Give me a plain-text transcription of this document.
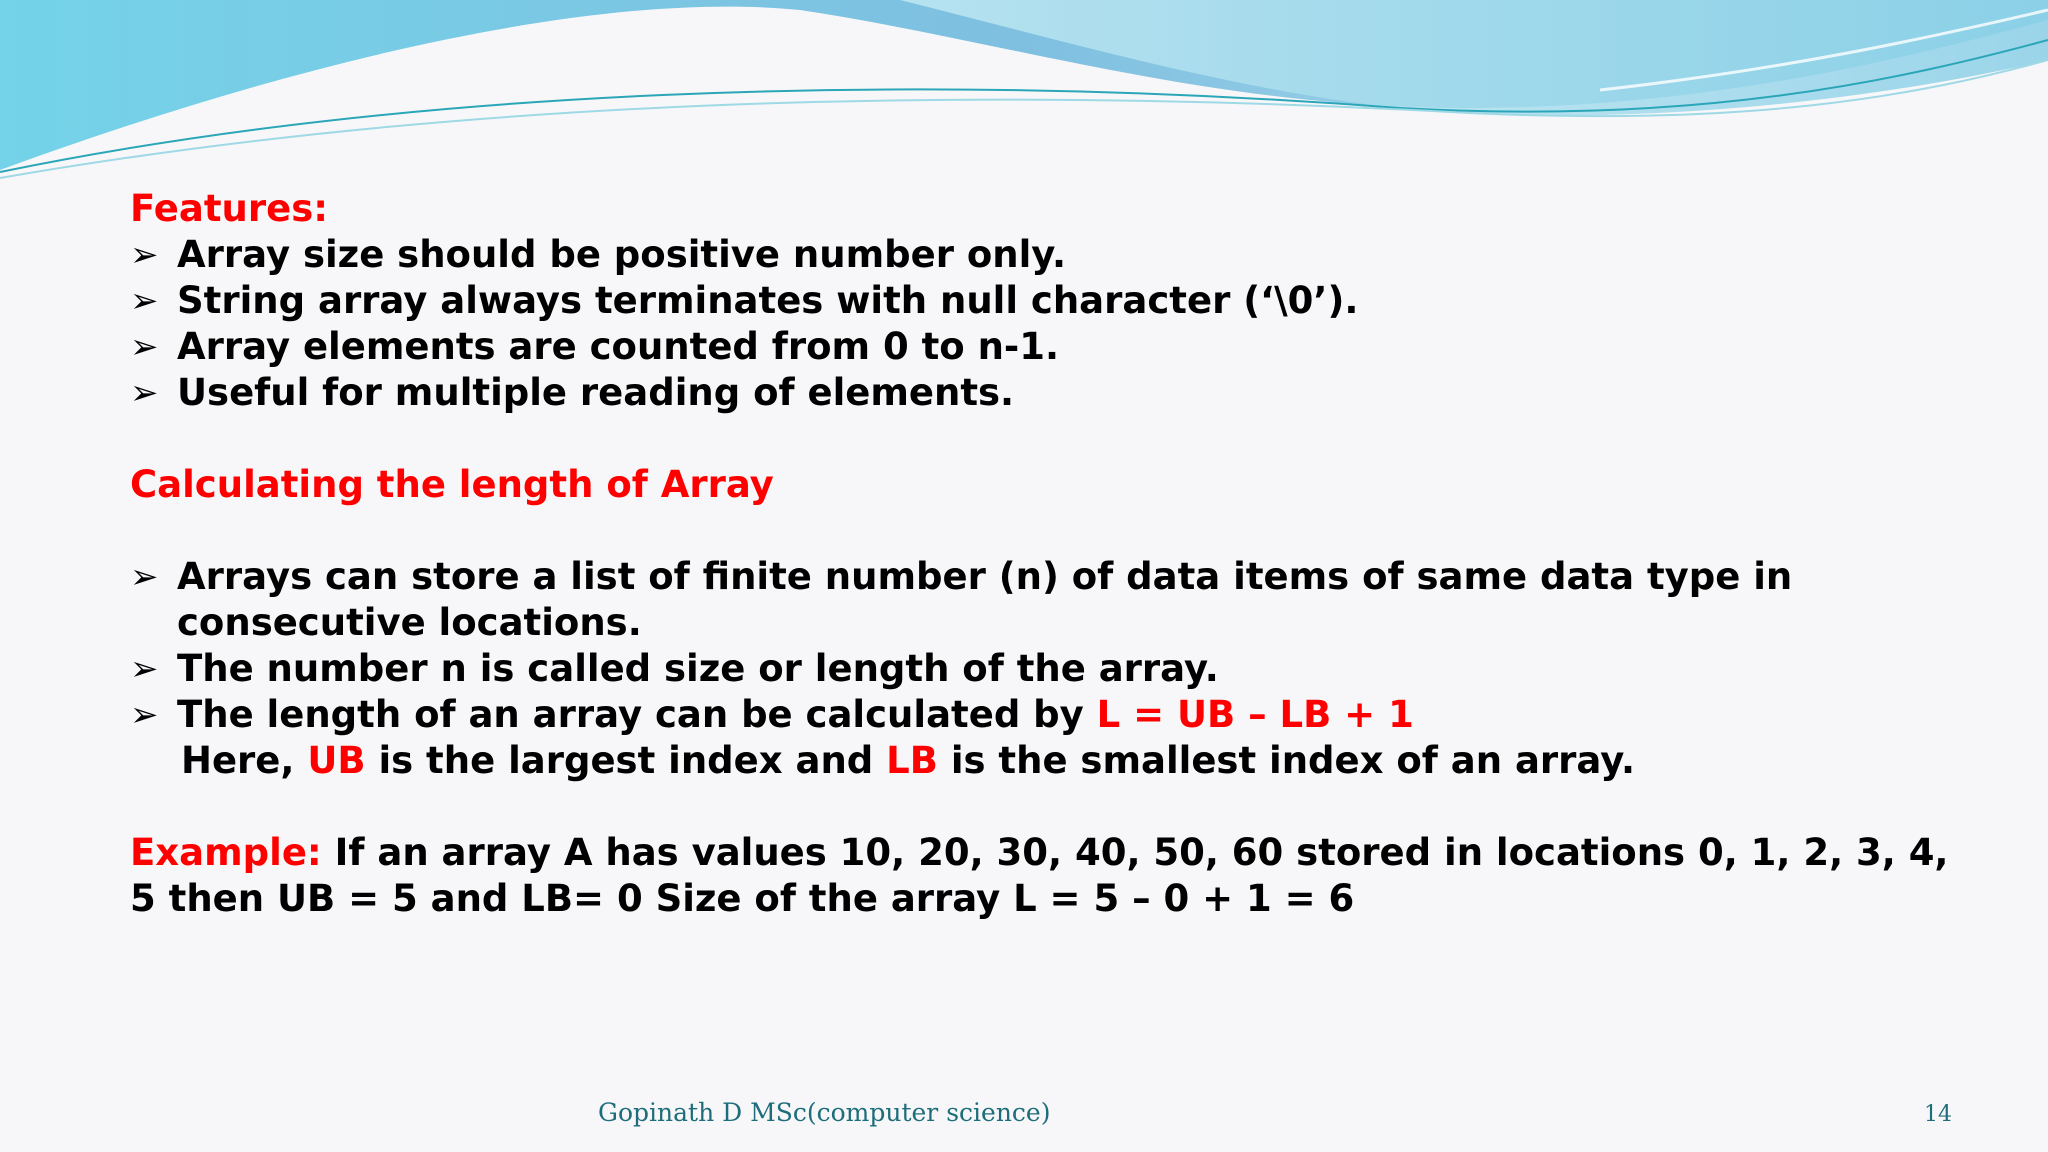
Features:
➢ Array size should be positive number only.
➢ String array always terminates with null character (‘\0’).
➢ Array elements are counted from 0 to n-1.
➢ Useful for multiple reading of elements.
Calculating the length of Array
➢ Arrays can store a list of finite number (n) of data items of same data type in
consecutive locations.
➢ The number n is called size or length of the array.
➢ The length of an array can be calculated by L = UB – LB + 1
Here, UB is the largest index and LB is the smallest index of an array.
Example: If an array A has values 10, 20, 30, 40, 50, 60 stored in locations 0, 1, 2, 3, 4,
5 then UB = 5 and LB= 0 Size of the array L = 5 – 0 + 1 = 6
Gopinath D MSc(computer science)	14
